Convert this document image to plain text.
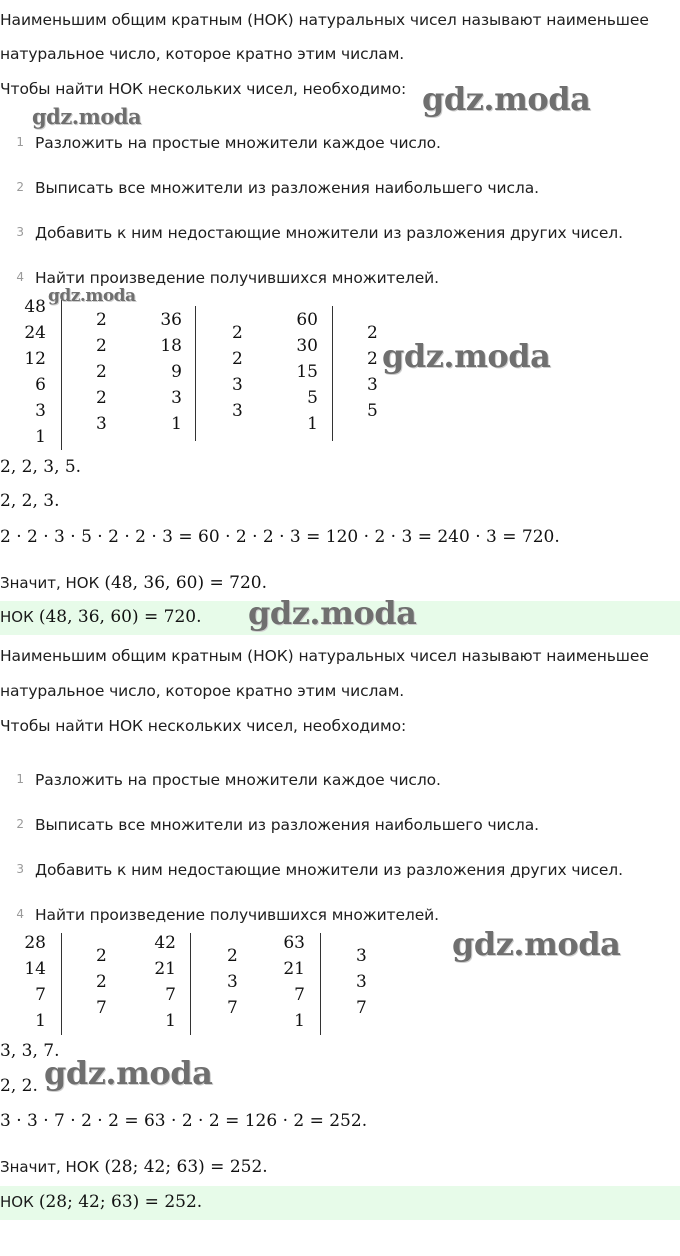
Наименьшим общим кратным (НОК) натуральных чисел называют наименьшее
натуральное число, которое кратно этим числам.
Чтобы найти НОК нескольких чисел, необходимо:
1 Разложить на простые множители каждое число.
2 Выписать все множители из разложения наибольшего числа.
3 Добавить к ним недостающие множители из разложения других чисел.
4 Найти произведение получившихся множителей.
48
24
12
6
3
1
2
2
2
2
3
36
18
9
3
1
2
2
3
3
60
30
15
5
1
2
2
3
5
2, 2, 3, 5.
2, 2, 3.
2 · 2 · 3 · 5 · 2 · 2 · 3 = 60 · 2 · 2 · 3 = 120 · 2 · 3 = 240 · 3 = 720.
Значит, НОК (48, 36, 60) = 720.
НОК (48, 36, 60) = 720.
Наименьшим общим кратным (НОК) натуральных чисел называют наименьшее
натуральное число, которое кратно этим числам.
Чтобы найти НОК нескольких чисел, необходимо:
1 Разложить на простые множители каждое число.
2 Выписать все множители из разложения наибольшего числа.
3 Добавить к ним недостающие множители из разложения других чисел.
4 Найти произведение получившихся множителей.
28
14
7
1
2
2
7
42
21
7
1
2
3
7
63
21
7
1
3
3
7
3, 3, 7.
2, 2.
3 · 3 · 7 · 2 · 2 = 63 · 2 · 2 = 126 · 2 = 252.
Значит, НОК (28; 42; 63) = 252.
НОК (28; 42; 63) = 252.
gdz.moda
gdz.moda
gdz.moda
gdz.moda
gdz.moda
gdz.moda
gdz.moda
